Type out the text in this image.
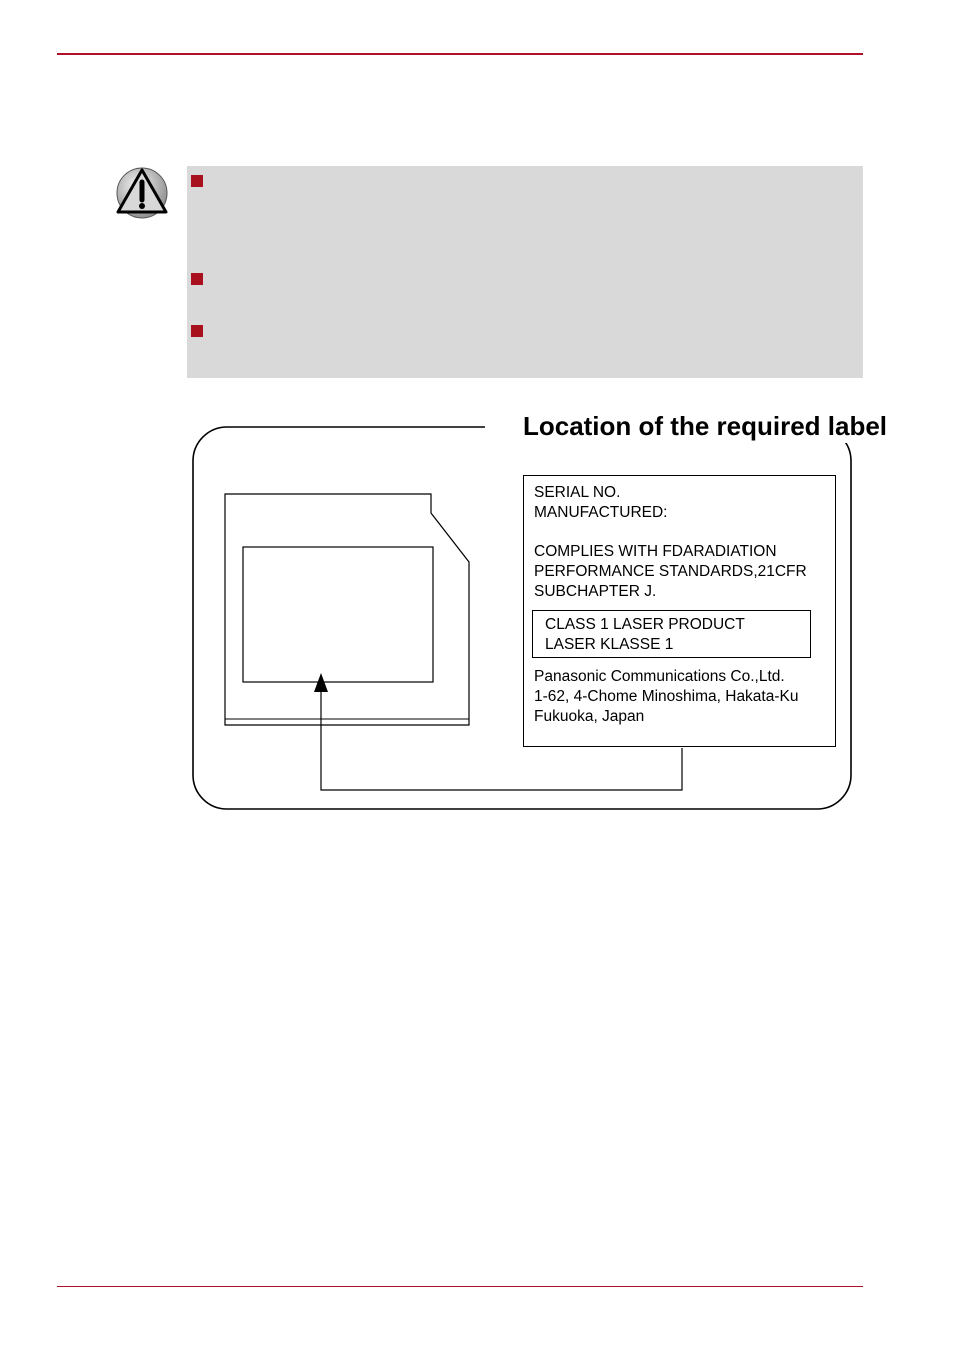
Location of the required label
SERIAL NO.
MANUFACTURED:
COMPLIES WITH FDARADIATION
PERFORMANCE STANDARDS,21CFR
SUBCHAPTER J.
CLASS 1 LASER PRODUCT
LASER KLASSE 1
Panasonic Communications Co.,Ltd.
1-62, 4-Chome Minoshima, Hakata-Ku
Fukuoka, Japan
